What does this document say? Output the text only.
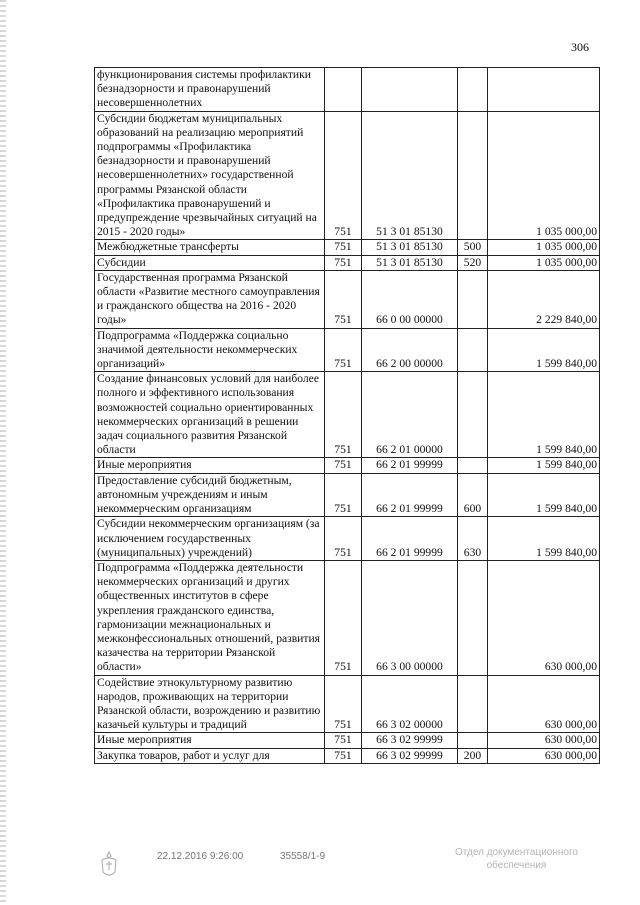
306
функционирования системы профилактики безнадзорности и правонарушений несовершеннолетних				
Субсидии бюджетам муниципальных образований на реализацию мероприятий подпрограммы «Профилактика безнадзорности и правонарушений несовершеннолетних» государственной программы Рязанской области «Профилактика правонарушений и предупреждение чрезвычайных ситуаций на 2015 - 2020 годы»	751	51 3 01 85130		1 035 000,00
Межбюджетные трансферты	751	51 3 01 85130	500	1 035 000,00
Субсидии	751	51 3 01 85130	520	1 035 000,00
Государственная программа Рязанской области «Развитие местного самоуправления и гражданского общества на 2016 - 2020 годы»	751	66 0 00 00000		2 229 840,00
Подпрограмма «Поддержка социально значимой деятельности некоммерческих организаций»	751	66 2 00 00000		1 599 840,00
Создание финансовых условий для наиболее полного и эффективного использования возможностей социально ориентированных некоммерческих организаций в решении задач социального развития Рязанской области	751	66 2 01 00000		1 599 840,00
Иные мероприятия	751	66 2 01 99999		1 599 840,00
Предоставление субсидий бюджетным, автономным учреждениям и иным некоммерческим организациям	751	66 2 01 99999	600	1 599 840,00
Субсидии некоммерческим организациям (за исключением государственных (муниципальных) учреждений)	751	66 2 01 99999	630	1 599 840,00
Подпрограмма «Поддержка деятельности некоммерческих организаций и других общественных институтов в сфере укрепления гражданского единства, гармонизации межнациональных и межконфессиональных отношений, развития казачества на территории Рязанской области»	751	66 3 00 00000		630 000,00
Содействие этнокультурному развитию народов, проживающих на территории Рязанской области, возрождению и развитию казачьей культуры и традиций	751	66 3 02 00000		630 000,00
Иные мероприятия	751	66 3 02 99999		630 000,00
Закупка товаров, работ и услуг для	751	66 3 02 99999	200	630 000,00
22.12.2016 9:26:00	35558/1-9	Отдел документационного
обеспечения
